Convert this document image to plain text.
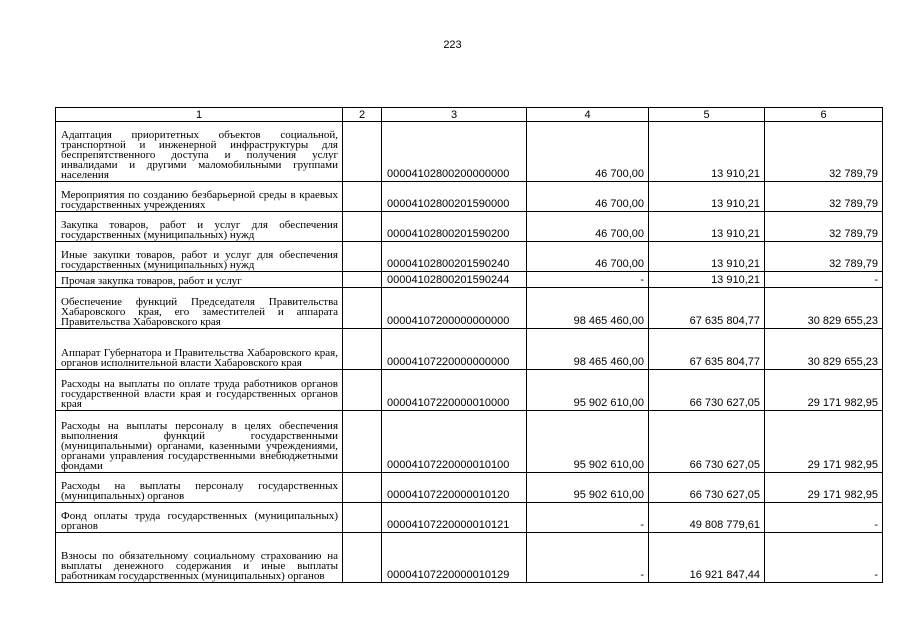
223
1	2	3	4	5	6
Адаптация приоритетных объектов социальной, транспортной и инженерной инфраструктуры для беспрепятственного доступа и получения услуг инвалидами и другими маломобильными группами населения		00004102800200000000	46 700,00	13 910,21	32 789,79
Мероприятия по созданию безбарьерной среды в краевых государственных учреждениях		00004102800201590000	46 700,00	13 910,21	32 789,79
Закупка товаров, работ и услуг для обеспечения государственных (муниципальных) нужд		00004102800201590200	46 700,00	13 910,21	32 789,79
Иные закупки товаров, работ и услуг для обеспечения государственных (муниципальных) нужд		00004102800201590240	46 700,00	13 910,21	32 789,79
Прочая закупка товаров, работ и услуг		00004102800201590244	-	13 910,21	-
Обеспечение функций Председателя Правительства Хабаровского края, его заместителей и аппарата Правительства Хабаровского края		00004107200000000000	98 465 460,00	67 635 804,77	30 829 655,23
Аппарат Губернатора и Правительства Хабаровского края, органов исполнительной власти Хабаровского края		00004107220000000000	98 465 460,00	67 635 804,77	30 829 655,23
Расходы на выплаты по оплате труда работников органов государственной власти края и государственных органов края		00004107220000010000	95 902 610,00	66 730 627,05	29 171 982,95
Расходы на выплаты персоналу в целях обеспечения выполнения функций государственными (муниципальными) органами, казенными учреждениями, органами управления государственными внебюджетными фондами		00004107220000010100	95 902 610,00	66 730 627,05	29 171 982,95
Расходы на выплаты персоналу государственных (муниципальных) органов		00004107220000010120	95 902 610,00	66 730 627,05	29 171 982,95
Фонд оплаты труда государственных (муниципальных) органов		00004107220000010121	-	49 808 779,61	-
Взносы по обязательному социальному страхованию на выплаты денежного содержания и иные выплаты работникам государственных (муниципальных) органов		00004107220000010129	-	16 921 847,44	-
